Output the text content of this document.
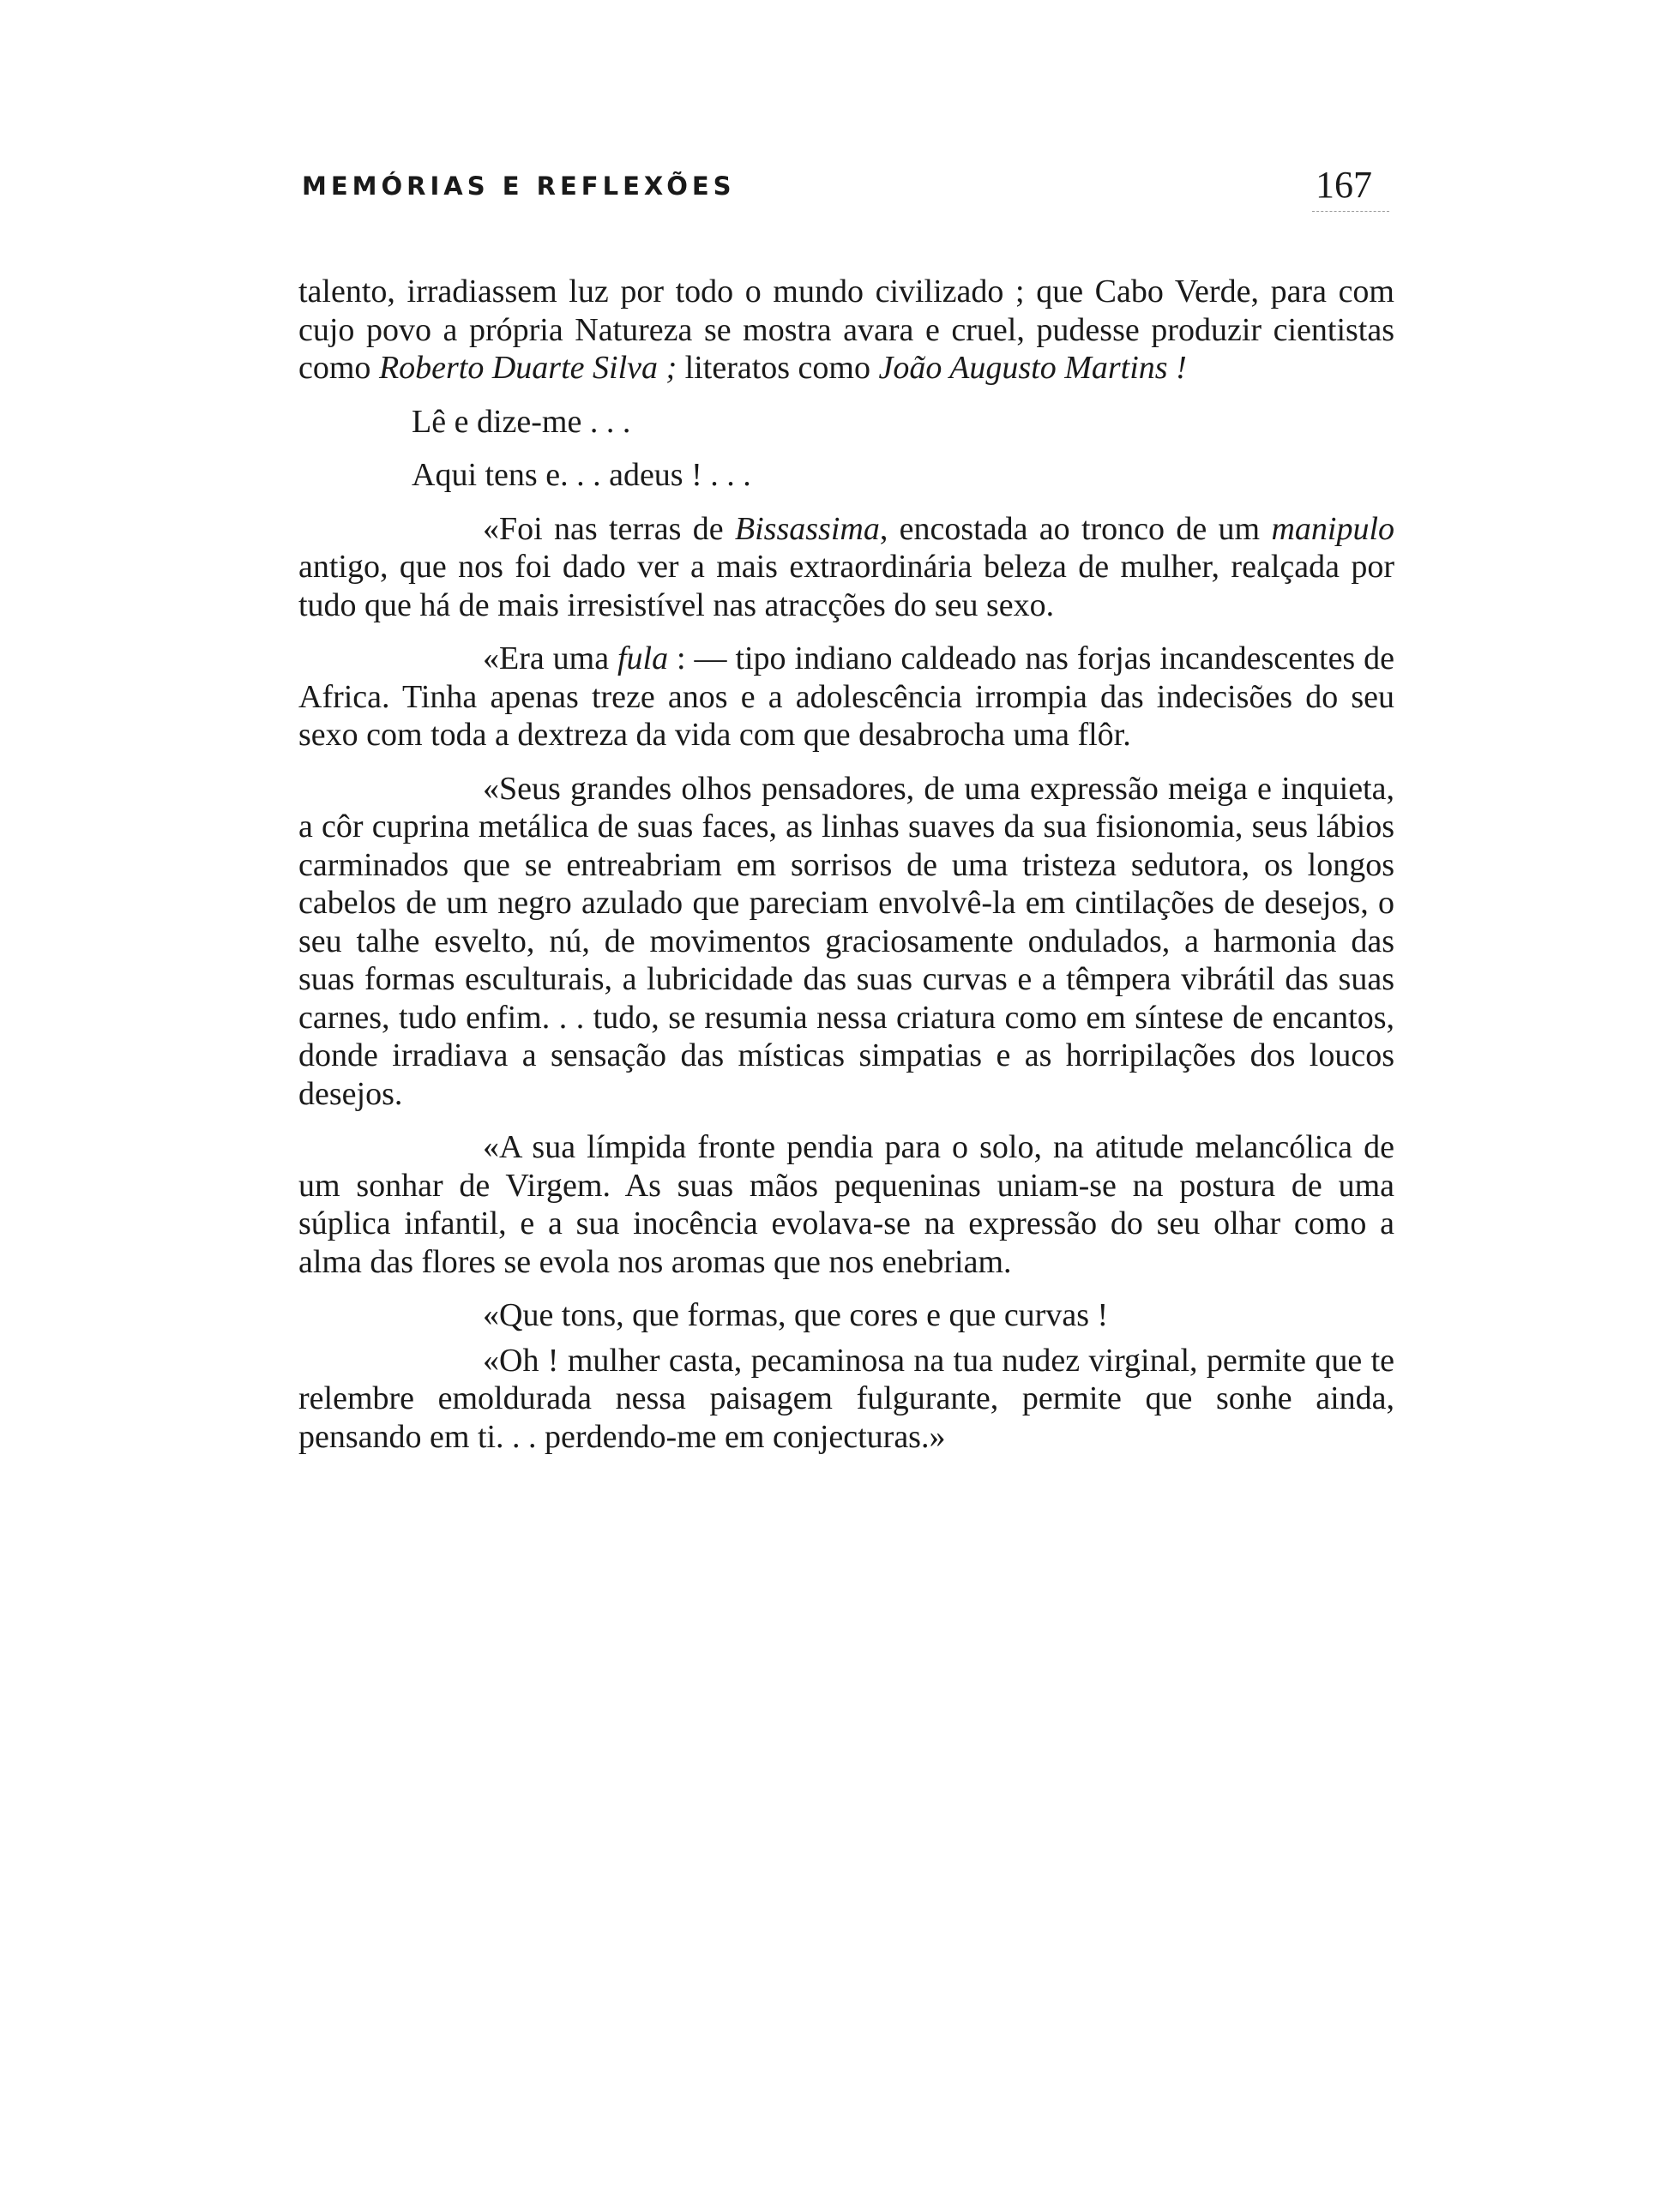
MEMÓRIAS E REFLEXÕES	167

talento, irradiassem luz por todo o mundo civilizado ; que Cabo Verde, para com cujo povo a própria Natureza se mostra avara e cruel, pudesse produzir cientistas como Roberto Duarte Silva ; literatos como João Augusto Martins !

Lê e dize-me . . .

Aqui tens e. . . adeus ! . . .

«Foi nas terras de Bissassima, encostada ao tronco de um manipulo antigo, que nos foi dado ver a mais extraordinária beleza de mulher, realçada por tudo que há de mais irresistível nas atracções do seu sexo.

«Era uma fula : — tipo indiano caldeado nas forjas incandescentes de Africa. Tinha apenas treze anos e a adolescência irrompia das indecisões do seu sexo com toda a dextreza da vida com que desabrocha uma flôr.

«Seus grandes olhos pensadores, de uma expressão meiga e inquieta, a côr cuprina metálica de suas faces, as linhas suaves da sua fisionomia, seus lábios carminados que se entreabriam em sorrisos de uma tristeza sedutora, os longos cabelos de um negro azulado que pareciam envolvê-la em cintilações de desejos, o seu talhe esvelto, nú, de movimentos graciosamente ondulados, a harmonia das suas formas esculturais, a lubricidade das suas curvas e a têmpera vibrátil das suas carnes, tudo enfim. . . tudo, se resumia nessa criatura como em síntese de encantos, donde irradiava a sensação das místicas simpatias e as horripilações dos loucos desejos.

«A sua límpida fronte pendia para o solo, na atitude melancólica de um sonhar de Virgem. As suas mãos pequeninas uniam-se na postura de uma súplica infantil, e a sua inocência evolava-se na expressão do seu olhar como a alma das flores se evola nos aromas que nos enebriam.

«Que tons, que formas, que cores e que curvas !

«Oh ! mulher casta, pecaminosa na tua nudez virginal, permite que te relembre emoldurada nessa paisagem fulgurante, permite que sonhe ainda, pensando em ti. . . perdendo-me em conjecturas.»
